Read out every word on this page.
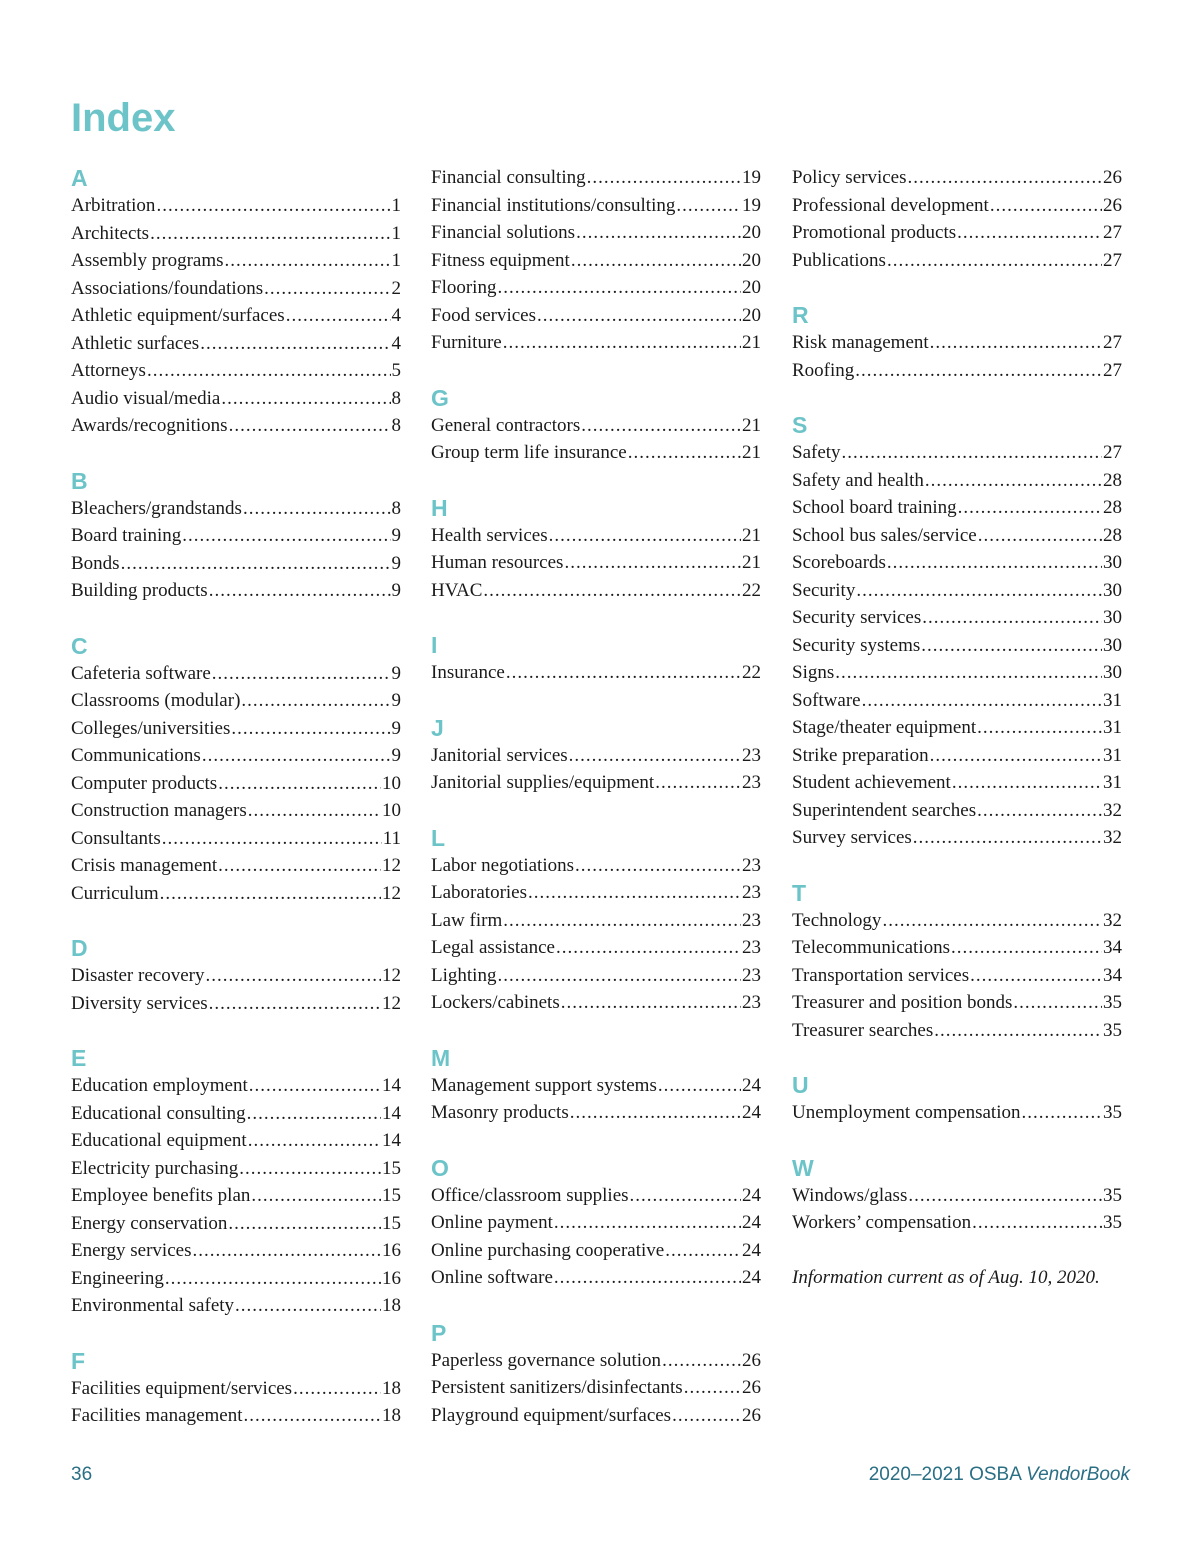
Index
A
Arbitration .....	1
Architects .....	1
Assembly programs .....	1
Associations/foundations .....	2
Athletic equipment/surfaces .....	4
Athletic surfaces .....	4
Attorneys .....	5
Audio visual/media .....	8
Awards/recognitions .....	8
B
Bleachers/grandstands .....	8
Board training .....	9
Bonds .....	9
Building products .....	9
C
Cafeteria software .....	9
Classrooms (modular) .....	9
Colleges/universities .....	9
Communications .....	9
Computer products .....	10
Construction managers .....	10
Consultants .....	11
Crisis management .....	12
Curriculum .....	12
D
Disaster recovery .....	12
Diversity services .....	12
E
Education employment .....	14
Educational consulting .....	14
Educational equipment .....	14
Electricity purchasing .....	15
Employee benefits plan .....	15
Energy conservation .....	15
Energy services .....	16
Engineering .....	16
Environmental safety .....	18
F
Facilities equipment/services .....	18
Facilities management .....	18
Financial consulting .....	19
Financial institutions/consulting .....	19
Financial solutions .....	20
Fitness equipment .....	20
Flooring .....	20
Food services .....	20
Furniture .....	21
G
General contractors .....	21
Group term life insurance .....	21
H
Health services .....	21
Human resources .....	21
HVAC .....	22
I
Insurance .....	22
J
Janitorial services .....	23
Janitorial supplies/equipment .....	23
L
Labor negotiations .....	23
Laboratories .....	23
Law firm .....	23
Legal assistance .....	23
Lighting .....	23
Lockers/cabinets .....	23
M
Management support systems .....	24
Masonry products .....	24
O
Office/classroom supplies .....	24
Online payment .....	24
Online purchasing cooperative .....	24
Online software .....	24
P
Paperless governance solution .....	26
Persistent sanitizers/disinfectants .....	26
Playground equipment/surfaces .....	26
Policy services .....	26
Professional development .....	26
Promotional products .....	27
Publications .....	27
R
Risk management .....	27
Roofing .....	27
S
Safety .....	27
Safety and health .....	28
School board training .....	28
School bus sales/service .....	28
Scoreboards .....	30
Security .....	30
Security services .....	30
Security systems .....	30
Signs .....	30
Software .....	31
Stage/theater equipment .....	31
Strike preparation .....	31
Student achievement .....	31
Superintendent searches .....	32
Survey services .....	32
T
Technology .....	32
Telecommunications .....	34
Transportation services .....	34
Treasurer and position bonds .....	35
Treasurer searches .....	35
U
Unemployment compensation .....	35
W
Windows/glass .....	35
Workers’ compensation .....	35
Information current as of Aug. 10, 2020.
36	2020–2021 OSBA VendorBook
